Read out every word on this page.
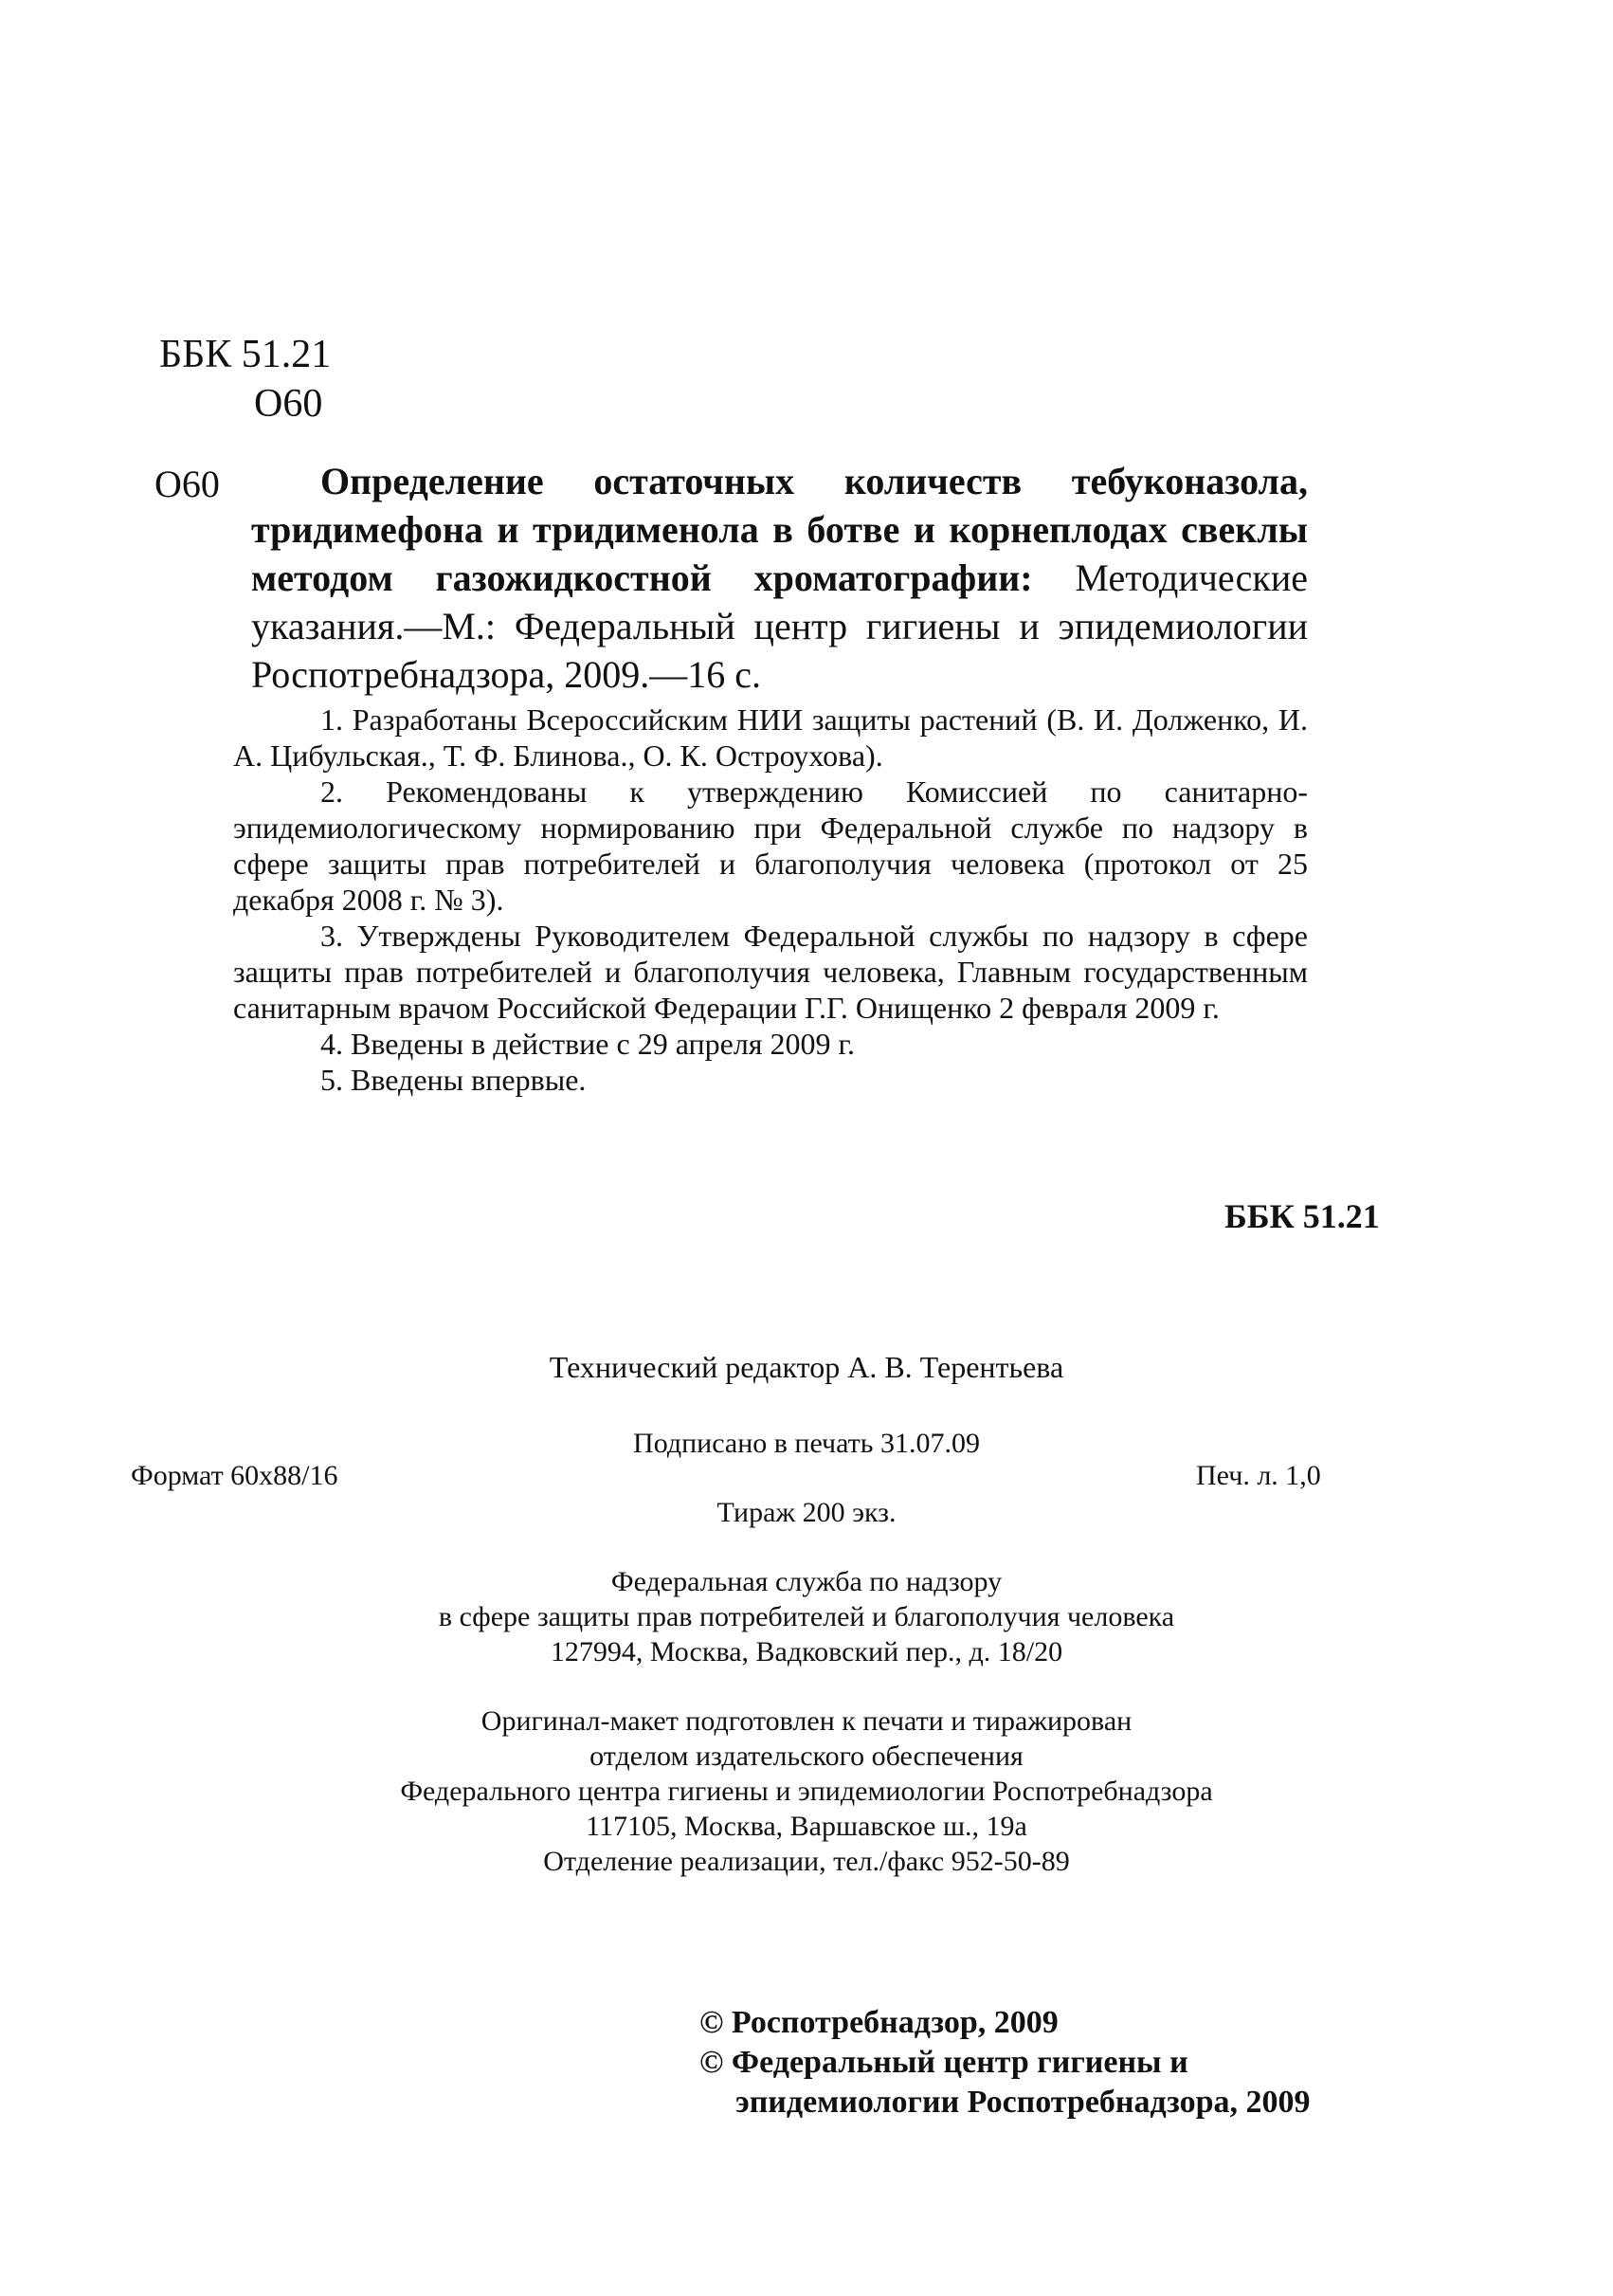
ББК 51.21
О60
О60	Определение остаточных количеств тебуконазола, тридимефона и тридименола в ботве и корнеплодах свеклы методом газожидкостной хроматографии: Методические указания.—М.: Федеральный центр гигиены и эпидемиологии Роспотребнадзора, 2009.—16 с.

1. Разработаны Всероссийским НИИ защиты растений (В. И. Долженко, И. А. Цибульская., Т. Ф. Блинова., О. К. Остроухова).

2. Рекомендованы к утверждению Комиссией по санитарно-эпидемиологическому нормированию при Федеральной службе по надзору в сфере защиты прав потребителей и благополучия человека (протокол от 25 декабря 2008 г. № 3).

3. Утверждены Руководителем Федеральной службы по надзору в сфере защиты прав потребителей и благополучия человека, Главным государственным санитарным врачом Российской Федерации Г.Г. Онищенко 2 февраля 2009 г.

4. Введены в действие с 29 апреля 2009 г.

5. Введены впервые.

ББК 51.21
Технический редактор А. В. Терентьева
Подписано в печать 31.07.09
Формат 60x88/16	Печ. л. 1,0
Тираж 200 экз.
Федеральная служба по надзору
в сфере защиты прав потребителей и благополучия человека
127994, Москва, Вадковский пер., д. 18/20
Оригинал-макет подготовлен к печати и тиражирован
отделом издательского обеспечения
Федерального центра гигиены и эпидемиологии Роспотребнадзора
117105, Москва, Варшавское ш., 19а
Отделение реализации, тел./факс 952-50-89
© Роспотребнадзор, 2009
© Федеральный центр гигиены и
эпидемиологии Роспотребнадзора, 2009
